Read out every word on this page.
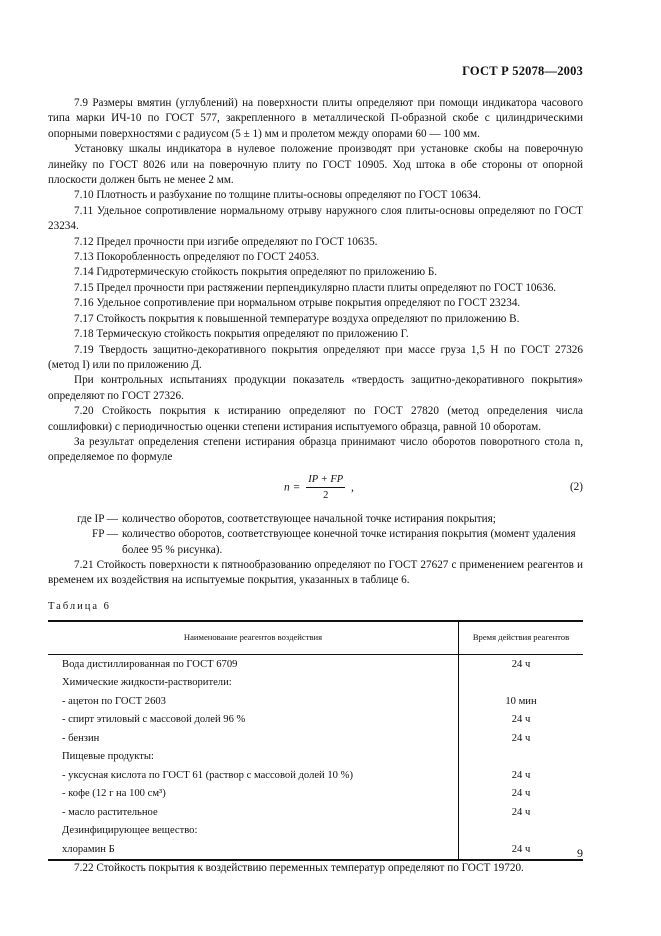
ГОСТ Р 52078—2003

7.9 Размеры вмятин (углублений) на поверхности плиты определяют при помощи индикатора часового типа марки ИЧ-10 по ГОСТ 577, закрепленного в металлической П-образной скобе с цилиндрическими опорными поверхностями с радиусом (5 ± 1) мм и пролетом между опорами 60 — 100 мм.

Установку шкалы индикатора в нулевое положение производят при установке скобы на поверочную линейку по ГОСТ 8026 или на поверочную плиту по ГОСТ 10905. Ход штока в обе стороны от опорной плоскости должен быть не менее 2 мм.

7.10 Плотность и разбухание по толщине плиты-основы определяют по ГОСТ 10634.

7.11 Удельное сопротивление нормальному отрыву наружного слоя плиты-основы определяют по ГОСТ 23234.

7.12 Предел прочности при изгибе определяют по ГОСТ 10635.

7.13 Покоробленность определяют по ГОСТ 24053.

7.14 Гидротермическую стойкость покрытия определяют по приложению Б.

7.15 Предел прочности при растяжении перпендикулярно пласти плиты определяют по ГОСТ 10636.

7.16 Удельное сопротивление при нормальном отрыве покрытия определяют по ГОСТ 23234.

7.17 Стойкость покрытия к повышенной температуре воздуха определяют по приложению В.

7.18 Термическую стойкость покрытия определяют по приложению Г.

7.19 Твердость защитно-декоративного покрытия определяют при массе груза 1,5 Н по ГОСТ 27326 (метод I) или по приложению Д.

При контрольных испытаниях продукции показатель «твердость защитно-декоративного покрытия» определяют по ГОСТ 27326.

7.20 Стойкость покрытия к истиранию определяют по ГОСТ 27820 (метод определения числа сошлифовки) с периодичностью оценки степени истирания испытуемого образца, равной 10 оборотам.

За результат определения степени истирания образца принимают число оборотов поворотного стола n, определяемое по формуле

$n = \frac{IP + FP}{2}$ ,	(2)
где IP — количество оборотов, соответствующее начальной точке истирания покрытия;
FP — количество оборотов, соответствующее конечной точке истирания покрытия (момент удаления более 95 % рисунка).

7.21 Стойкость поверхности к пятнообразованию определяют по ГОСТ 27627 с применением реагентов и временем их воздействия на испытуемые покрытия, указанных в таблице 6.

Таблица 6
Наименование реагентов воздействия	Время действия реагентов
Вода дистиллированная по ГОСТ 6709	24 ч
Химические жидкости-растворители:	
- ацетон по ГОСТ 2603	10 мин
- спирт этиловый с массовой долей 96 %	24 ч
- бензин	24 ч
Пищевые продукты:	
- уксусная кислота по ГОСТ 61 (раствор с массовой долей 10 %)	24 ч
- кофе (12 г на 100 см³)	24 ч
- масло растительное	24 ч
Дезинфицирующее вещество:	
хлорамин Б	24 ч

7.22 Стойкость покрытия к воздействию переменных температур определяют по ГОСТ 19720.

9
